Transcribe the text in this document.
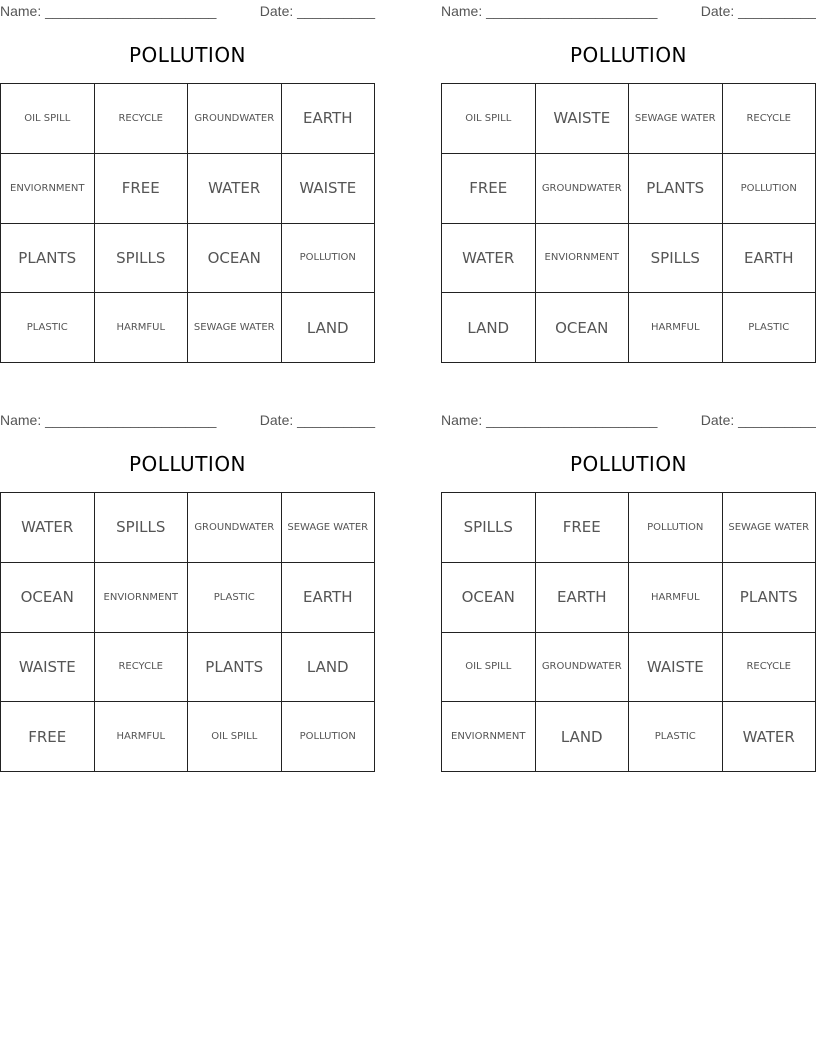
Name: ______________________	Date: __________
POLLUTION
OIL SPILL	RECYCLE	GROUNDWATER	EARTH
ENVIORNMENT	FREE	WATER	WAISTE
PLANTS	SPILLS	OCEAN	POLLUTION
PLASTIC	HARMFUL	SEWAGE WATER	LAND
Name: ______________________	Date: __________
POLLUTION
OIL SPILL	WAISTE	SEWAGE WATER	RECYCLE
FREE	GROUNDWATER	PLANTS	POLLUTION
WATER	ENVIORNMENT	SPILLS	EARTH
LAND	OCEAN	HARMFUL	PLASTIC
Name: ______________________	Date: __________
POLLUTION
WATER	SPILLS	GROUNDWATER	SEWAGE WATER
OCEAN	ENVIORNMENT	PLASTIC	EARTH
WAISTE	RECYCLE	PLANTS	LAND
FREE	HARMFUL	OIL SPILL	POLLUTION
Name: ______________________	Date: __________
POLLUTION
SPILLS	FREE	POLLUTION	SEWAGE WATER
OCEAN	EARTH	HARMFUL	PLANTS
OIL SPILL	GROUNDWATER	WAISTE	RECYCLE
ENVIORNMENT	LAND	PLASTIC	WATER
